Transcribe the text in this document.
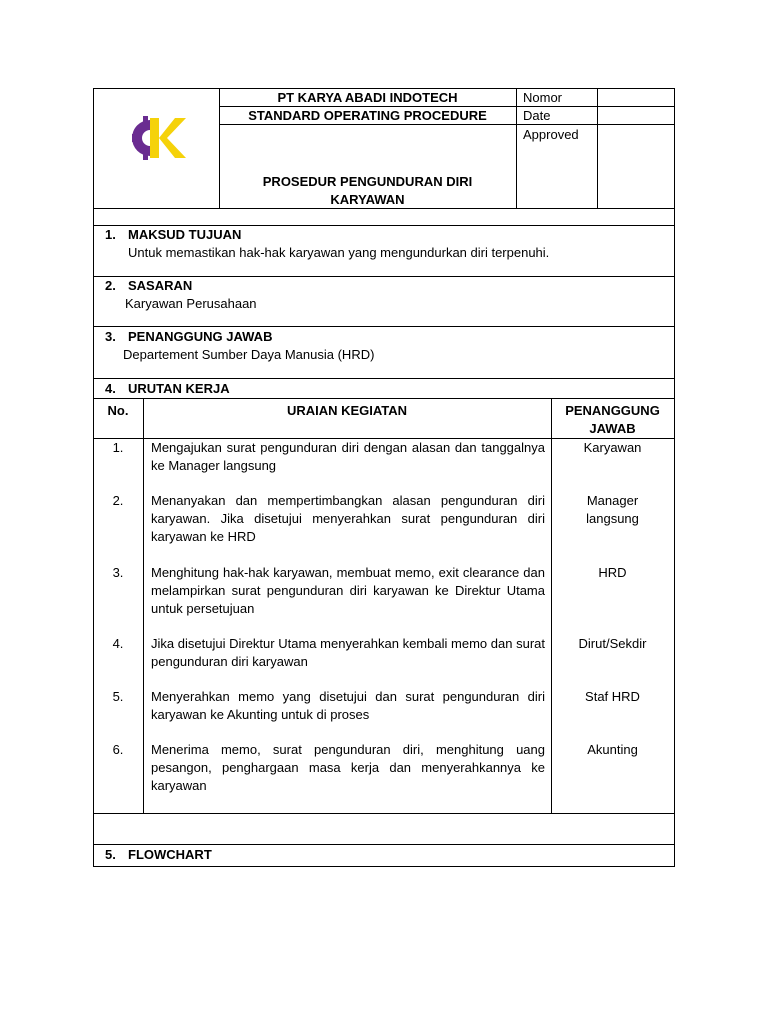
PT KARYA ABADI INDOTECH
STANDARD OPERATING PROCEDURE
PROSEDUR PENGUNDURAN DIRI
KARYAWAN
Nomor
Date
Approved
1. MAKSUD TUJUAN
Untuk memastikan hak-hak karyawan yang mengundurkan diri terpenuhi.
2. SASARAN
Karyawan Perusahaan
3. PENANGGUNG JAWAB
Departement Sumber Daya Manusia (HRD)
4. URUTAN KERJA
No.	URAIAN KEGIATAN	PENANGGUNG
JAWAB
1.	Mengajukan surat pengunduran diri dengan alasan dan tanggalnya ke Manager langsung
Karyawan
2.	Menanyakan dan mempertimbangkan alasan pengunduran diri karyawan. Jika disetujui menyerahkan surat pengunduran diri karyawan ke HRD
Manager langsung
3.	Menghitung hak-hak karyawan, membuat memo, exit clearance dan melampirkan surat pengunduran diri karyawan ke Direktur Utama untuk persetujuan
HRD
4.	Jika disetujui Direktur Utama menyerahkan kembali memo dan surat pengunduran diri karyawan
Dirut/Sekdir
5.	Menyerahkan memo yang disetujui dan surat pengunduran diri karyawan ke Akunting untuk di proses
Staf HRD
6.	Menerima memo, surat pengunduran diri, menghitung uang pesangon, penghargaan masa kerja dan menyerahkannya ke karyawan
Akunting
5. FLOWCHART
